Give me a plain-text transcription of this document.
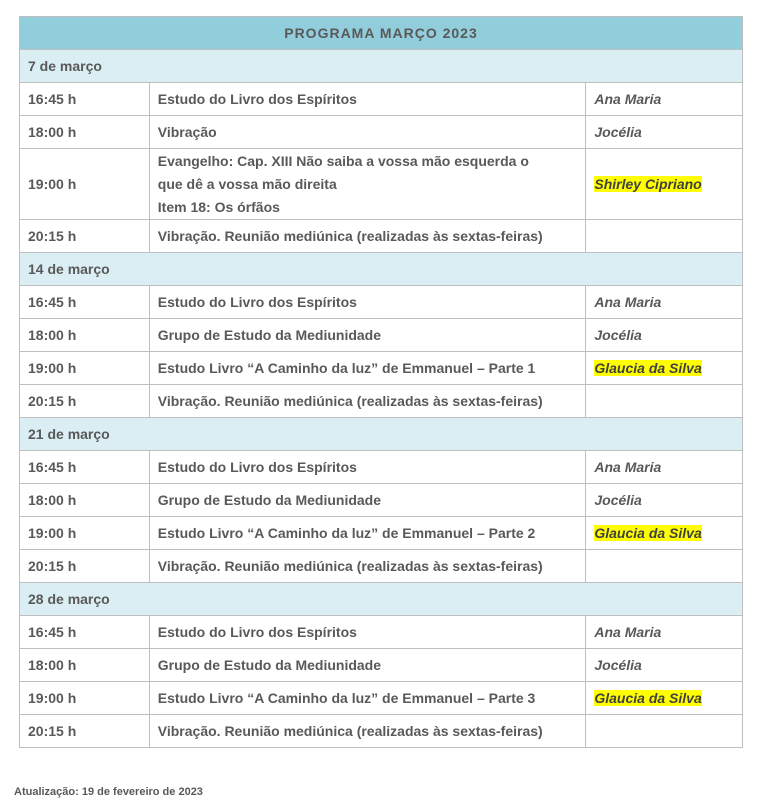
PROGRAMA MARÇO 2023		
7 de março		
16:45 h	Estudo do Livro dos Espíritos	Ana Maria
18:00 h	Vibração	Jocélia
19:00 h	Evangelho: Cap. XIII Não saiba a vossa mão esquerda o
que dê a vossa mão direita
Item 18: Os órfãos	Shirley Cipriano
20:15 h	Vibração. Reunião mediúnica (realizadas às sextas-feiras)	

14 de março		
16:45 h	Estudo do Livro dos Espíritos	Ana Maria
18:00 h	Grupo de Estudo da Mediunidade	Jocélia
19:00 h	Estudo Livro “A Caminho da luz” de Emmanuel – Parte 1	Glaucia da Silva
20:15 h	Vibração. Reunião mediúnica (realizadas às sextas-feiras)	

21 de março		
16:45 h	Estudo do Livro dos Espíritos	Ana Maria
18:00 h	Grupo de Estudo da Mediunidade	Jocélia
19:00 h	Estudo Livro “A Caminho da luz” de Emmanuel – Parte 2	Glaucia da Silva
20:15 h	Vibração. Reunião mediúnica (realizadas às sextas-feiras)	

28 de março		
16:45 h	Estudo do Livro dos Espíritos	Ana Maria
18:00 h	Grupo de Estudo da Mediunidade	Jocélia
19:00 h	Estudo Livro “A Caminho da luz” de Emmanuel – Parte 3	Glaucia da Silva
20:15 h	Vibração. Reunião mediúnica (realizadas às sextas-feiras)	

Atualização: 19 de fevereiro de 2023
